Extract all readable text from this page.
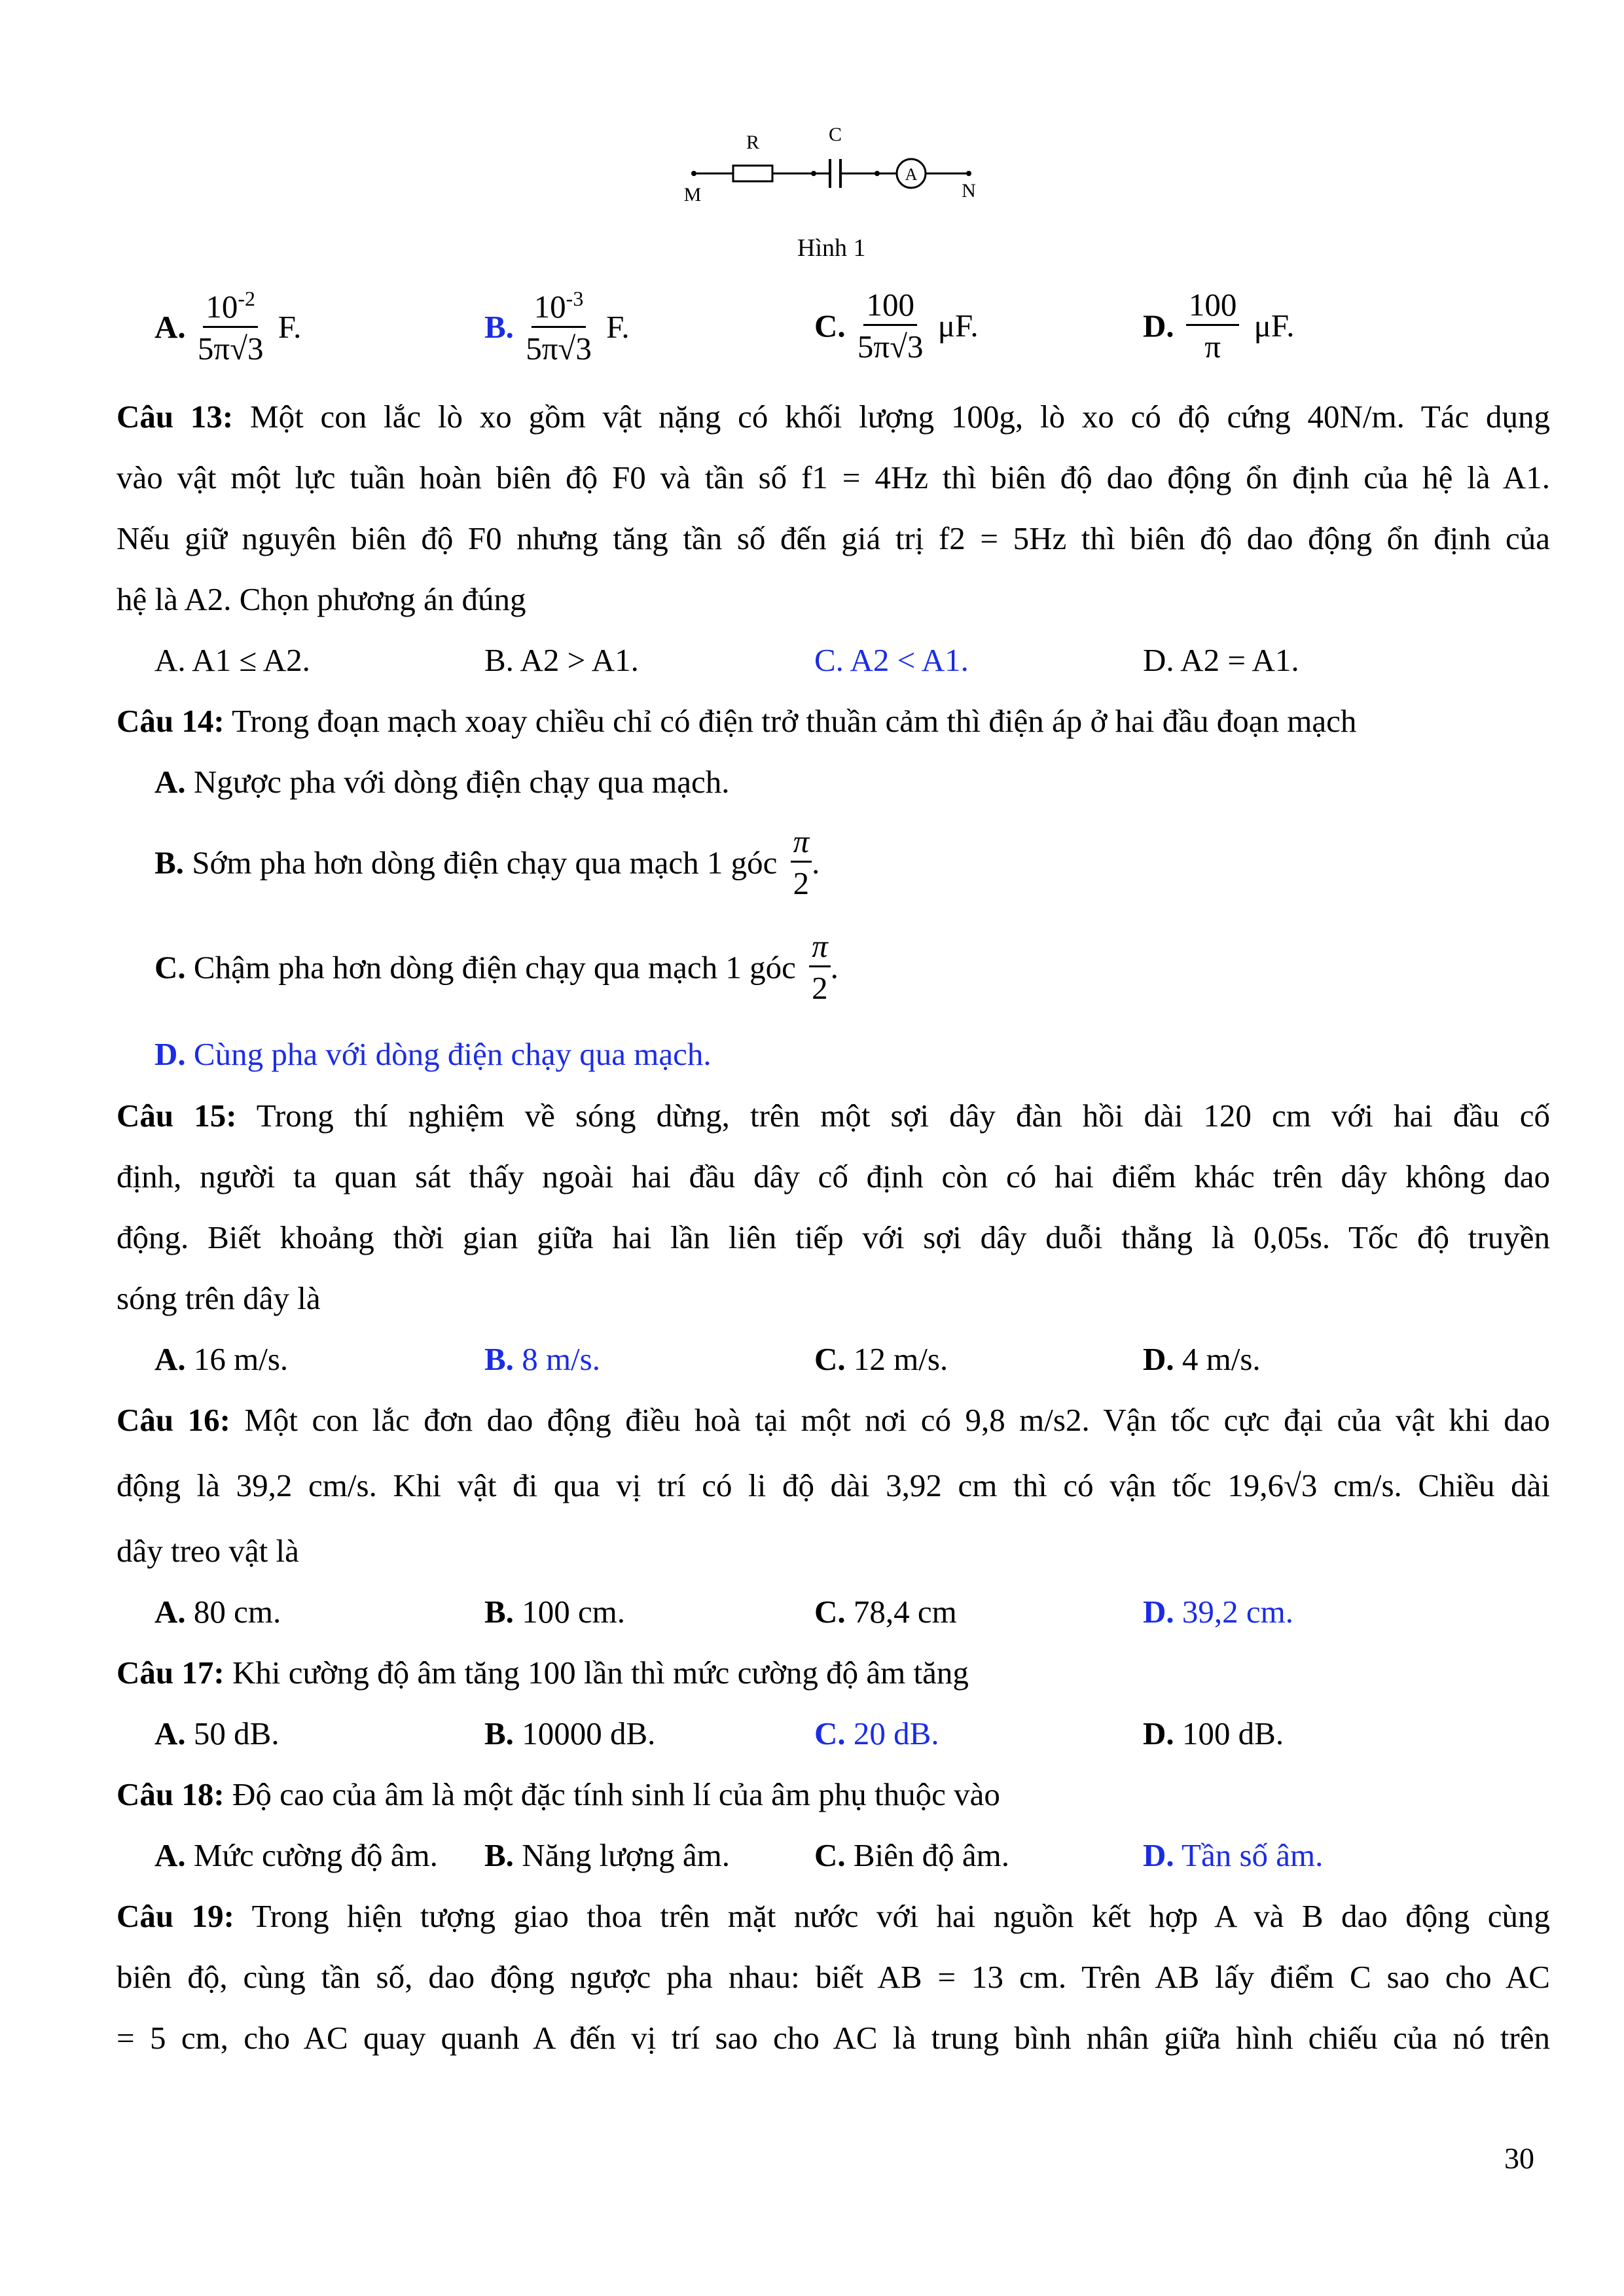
R	C
A
M	N
Hình 1
A. $\frac{10^{-2}}{5\pi√3} F$.	B. $\frac{10^{-3}}{5\pi√3} F$.	C. $\frac{100}{5\pi√3} \mu F$.	D. $\frac{100}{\pi} \mu F$.
Câu 13: Một con lắc lò xo gồm vật nặng có khối lượng 100g, lò xo có độ cứng 40N/m. Tác dụng
vào vật một lực tuần hoàn biên độ F0 và tần số f1 = 4Hz thì biên độ dao động ổn định của hệ là A1.
Nếu giữ nguyên biên độ F0 nhưng tăng tần số đến giá trị f2 = 5Hz thì biên độ dao động ổn định của
hệ là A2. Chọn phương án đúng
A. A1 ≤ A2.	B. A2 > A1.	C. A2 < A1.	D. A2 = A1.
Câu 14: Trong đoạn mạch xoay chiều chỉ có điện trở thuần cảm thì điện áp ở hai đầu đoạn mạch
A. Ngược pha với dòng điện chạy qua mạch.
B. Sớm pha hơn dòng điện chạy qua mạch 1 góc $\frac{\pi}{2}$ .
C. Chậm pha hơn dòng điện chạy qua mạch 1 góc $\frac{\pi}{2}$ .
D. Cùng pha với dòng điện chạy qua mạch.
Câu 15: Trong thí nghiệm về sóng dừng, trên một sợi dây đàn hồi dài 120 cm với hai đầu cố
định, người ta quan sát thấy ngoài hai đầu dây cố định còn có hai điểm khác trên dây không dao
động. Biết khoảng thời gian giữa hai lần liên tiếp với sợi dây duỗi thẳng là 0,05s. Tốc độ truyền
sóng trên dây là
A. 16 m/s.	B. 8 m/s.	C. 12 m/s.	D. 4 m/s.
Câu 16: Một con lắc đơn dao động điều hoà tại một nơi có 9,8 m/s2. Vận tốc cực đại của vật khi dao
động là 39,2 cm/s. Khi vật đi qua vị trí có li độ dài 3,92 cm thì có vận tốc 19,6√3 cm/s. Chiều dài
dây treo vật là
A. 80 cm.	B. 100 cm.	C. 78,4 cm	D. 39,2 cm.
Câu 17: Khi cường độ âm tăng 100 lần thì mức cường độ âm tăng
A. 50 dB.	B. 10000 dB.	C. 20 dB.	D. 100 dB.
Câu 18: Độ cao của âm là một đặc tính sinh lí của âm phụ thuộc vào
A. Mức cường độ âm. B. Năng lượng âm.	C. Biên độ âm.	D. Tần số âm.
Câu 19: Trong hiện tượng giao thoa trên mặt nước với hai nguồn kết hợp A và B dao động cùng
biên độ, cùng tần số, dao động ngược pha nhau: biết AB = 13 cm. Trên AB lấy điểm C sao cho AC
= 5 cm, cho AC quay quanh A đến vị trí sao cho AC là trung bình nhân giữa hình chiếu của nó trên
30
